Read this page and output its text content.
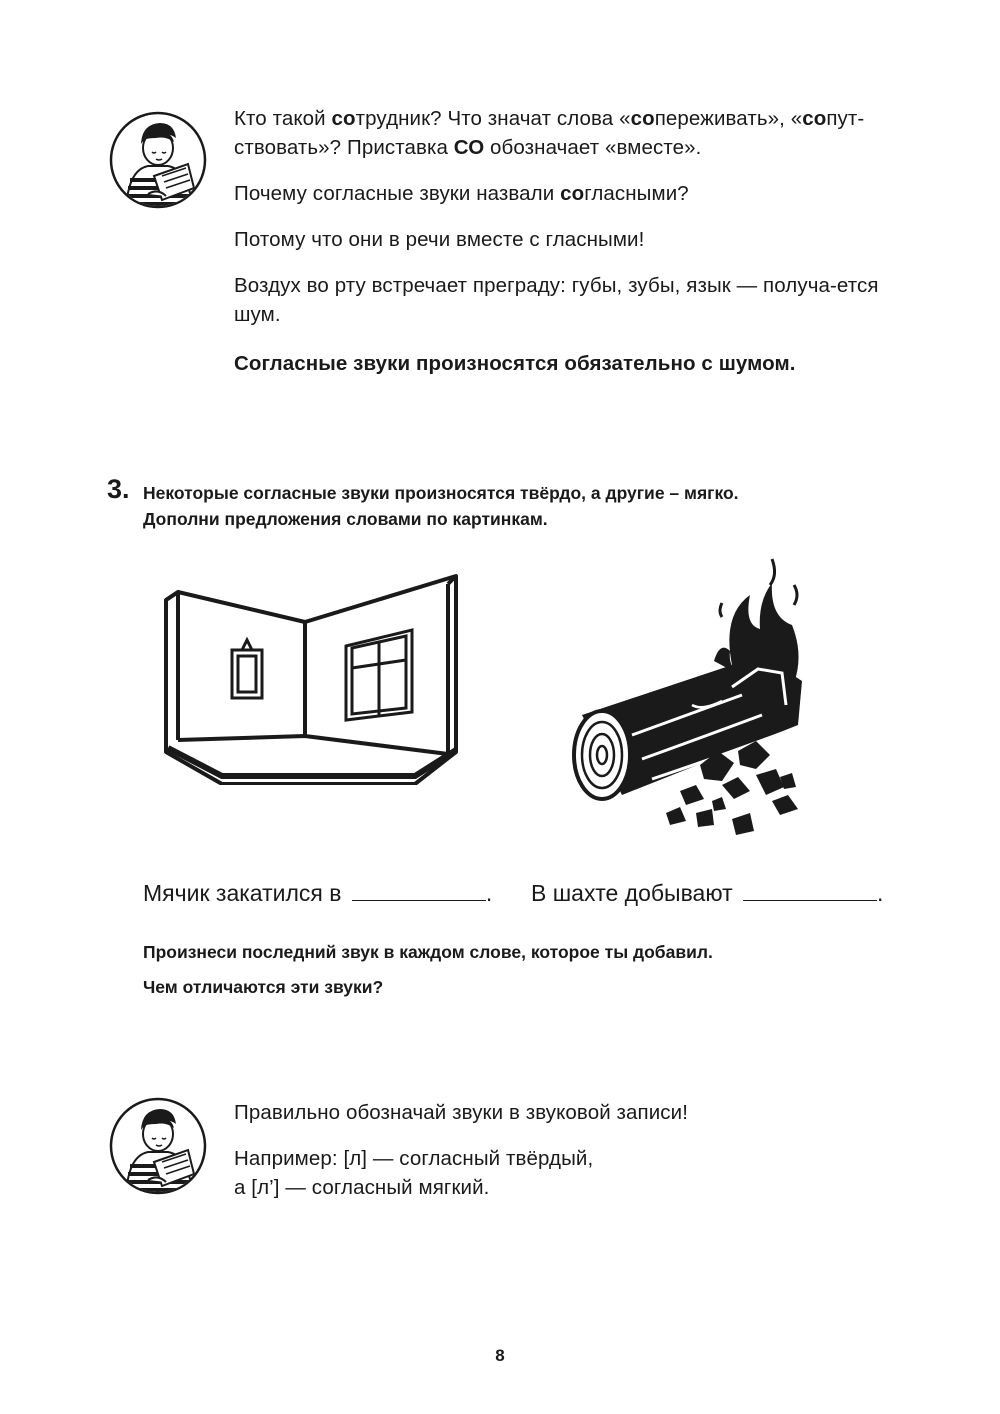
Кто такой сотрудник? Что значат слова «сопереживать», «сопут-ствовать»? Приставка СО обозначает «вместе».

Почему согласные звуки назвали согласными?

Потому что они в речи вместе с гласными!

Воздух во рту встречает преграду: губы, зубы, язык — получа-ется шум.

Согласные звуки произносятся обязательно с шумом.

3. Некоторые согласные звуки произносятся твёрдо, а другие – мягко.
Дополни предложения словами по картинкам.
Мячик закатился в	. В шахте добывают	.
Произнеси последний звук в каждом слове, которое ты добавил.
Чем отличаются эти звуки?

Правильно обозначай звуки в звуковой записи!

Например: [л] — согласный твёрдый,
а [л’] — согласный мягкий.

8
